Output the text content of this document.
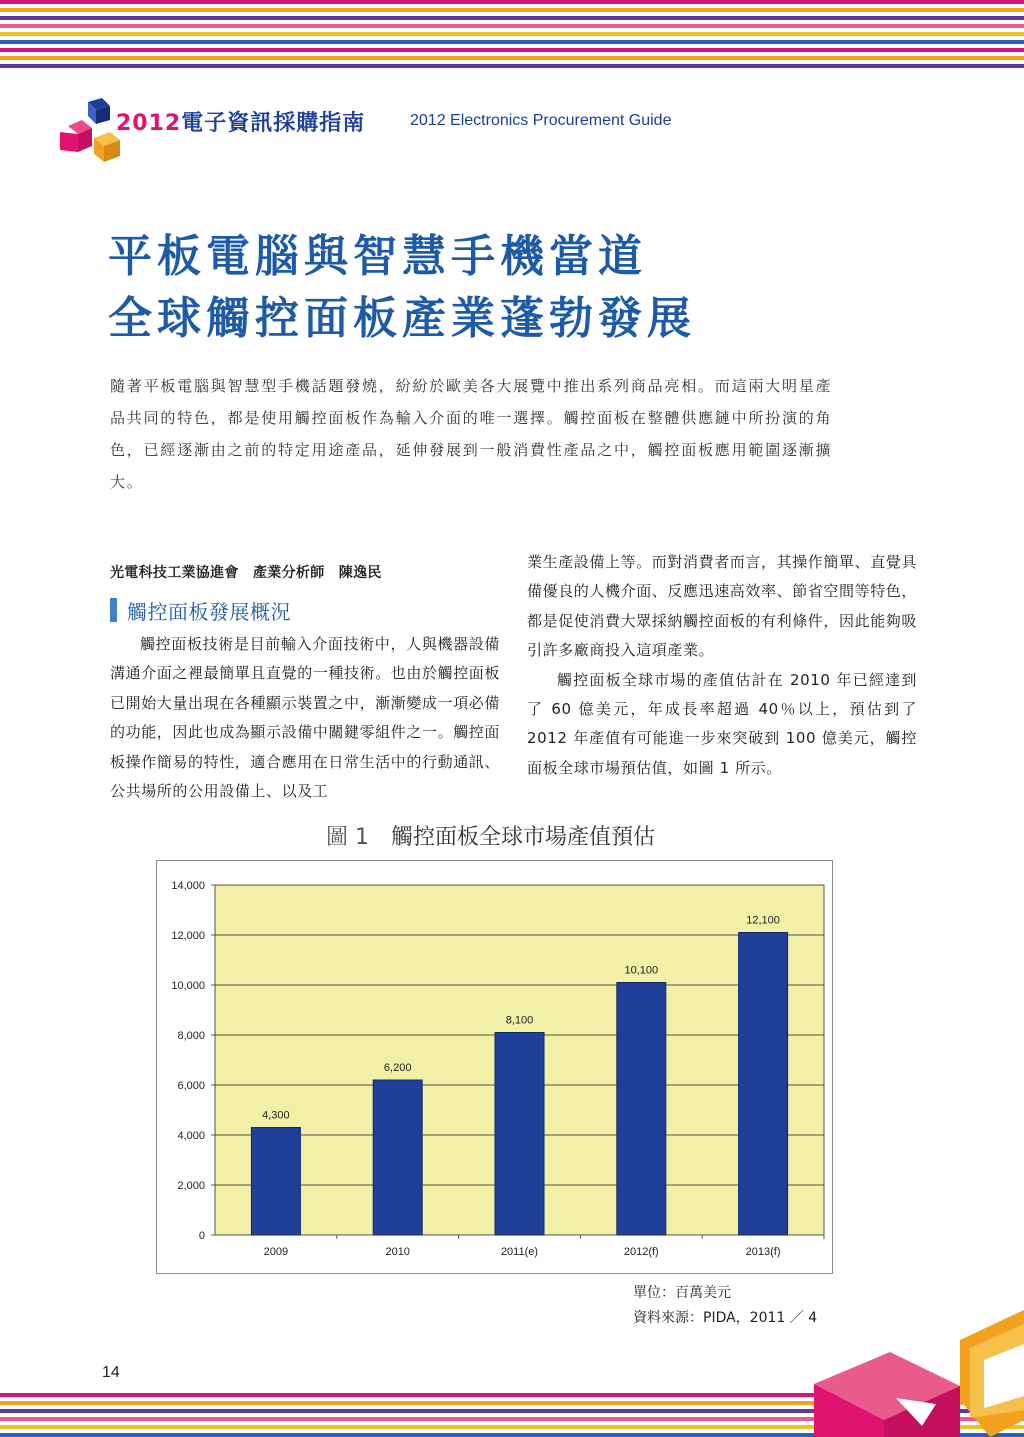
2012電子資訊採購指南	2012 Electronics Procurement Guide
平板電腦與智慧手機當道
全球觸控面板產業蓬勃發展
隨著平板電腦與智慧型手機話題發燒，紛紛於歐美各大展覽中推出系列商品亮相。而這兩大明星產品共同的特色，都是使用觸控面板作為輸入介面的唯一選擇。觸控面板在整體供應鏈中所扮演的角色，已經逐漸由之前的特定用途產品，延伸發展到一般消費性產品之中，觸控面板應用範圍逐漸擴大。
光電科技工業協進會　產業分析師　陳逸民
觸控面板發展概況

觸控面板技術是目前輸入介面技術中，人與機器設備溝通介面之裡最簡單且直覺的一種技術。也由於觸控面板已開始大量出現在各種顯示裝置之中，漸漸變成一項必備的功能，因此也成為顯示設備中關鍵零組件之一。觸控面板操作簡易的特性，適合應用在日常生活中的行動通訊、公共場所的公用設備上、以及工

業生產設備上等。而對消費者而言，其操作簡單、直覺具備優良的人機介面、反應迅速高效率、節省空間等特色，都是促使消費大眾採納觸控面板的有利條件，因此能夠吸引許多廠商投入這項產業。

觸控面板全球市場的產值估計在 2010 年已經達到了 60 億美元，年成長率超過 40％以上，預估到了 2012 年產值有可能進一步來突破到 100 億美元，觸控面板全球市場預估值，如圖 1 所示。

圖 1 觸控面板全球市場產值預估
0
2,000
4,000
6,000
8,000
10,000
12,000
14,000
4,300
2009
6,200
2010
8,100
2011(e)
10,100
2012(f)
12,100
2013(f)
單位：百萬美元
資料來源：PIDA，2011 ／ 4
14
